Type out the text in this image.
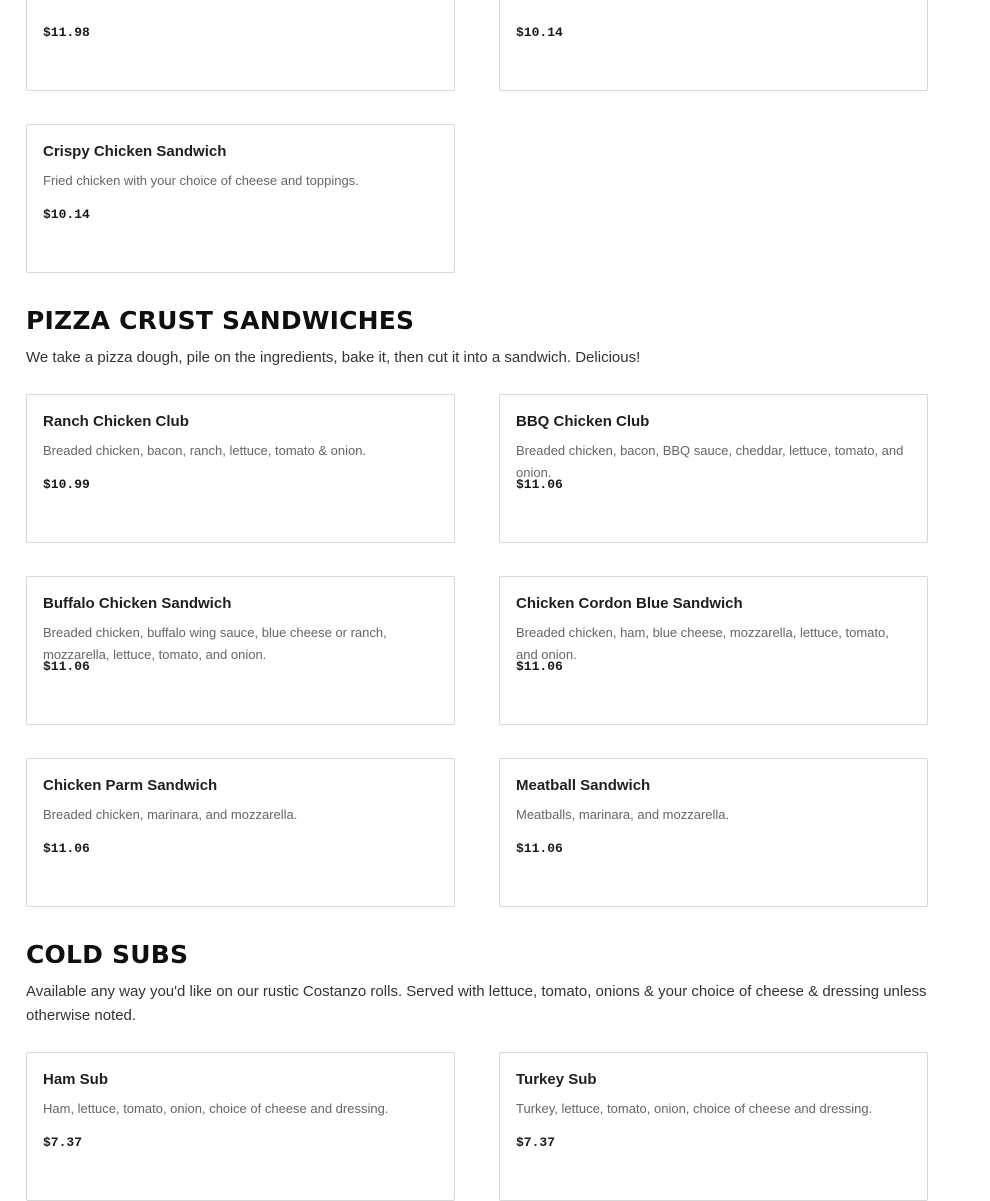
$11.98	$10.14

Crispy Chicken Sandwich

Fried chicken with your choice of cheese and toppings.

$10.14

PIZZA CRUST SANDWICHES

We take a pizza dough, pile on the ingredients, bake it, then cut it into a sandwich. Delicious!

Ranch Chicken Club

Breaded chicken, bacon, ranch, lettuce, tomato & onion.

$10.99

BBQ Chicken Club

Breaded chicken, bacon, BBQ sauce, cheddar, lettuce, tomato, and onion.

$11.06

Buffalo Chicken Sandwich

Breaded chicken, buffalo wing sauce, blue cheese or ranch, mozzarella, lettuce, tomato, and onion.

$11.06

Chicken Cordon Blue Sandwich

Breaded chicken, ham, blue cheese, mozzarella, lettuce, tomato, and onion.

$11.06

Chicken Parm Sandwich

Breaded chicken, marinara, and mozzarella.

$11.06

Meatball Sandwich

Meatballs, marinara, and mozzarella.

$11.06

COLD SUBS

Available any way you'd like on our rustic Costanzo rolls. Served with lettuce, tomato, onions & your choice of cheese & dressing unless otherwise noted.

Ham Sub

Ham, lettuce, tomato, onion, choice of cheese and dressing.

$7.37

Turkey Sub

Turkey, lettuce, tomato, onion, choice of cheese and dressing.

$7.37
